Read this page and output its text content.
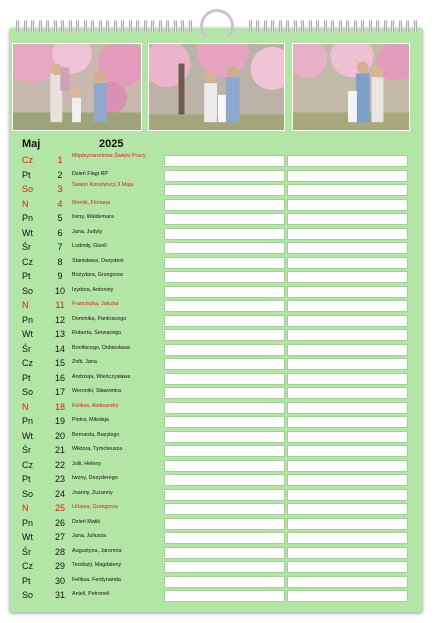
Maj	2025
Cz	1	Międzynarodowe Święto Pracy
Pt	2	Dzień Flagi RP
So	3	Święto Konstytucji 3 Maja
N	4	Moniki, Floriana
Pn	5	Ireny, Waldemara
Wt	6	Jana, Judyty
Śr	7	Ludmiły, Gizeli
Cz	8	Stanisława, Dezyderii
Pt	9	Bożydara, Grzegorza
So	10	Izydora, Antoniny
N	11	Franciszka, Jakuba
Pn	12	Dominika, Pankracego
Wt	13	Roberta, Serwacego
Śr	14	Bonifacego, Dobiesława
Cz	15	Zofii, Jana
Pt	16	Andrzeja, Wieńczysława
So	17	Weroniki, Sławomira
N	18	Feliksa, Aleksandry
Pn	19	Piotra, Mikołaja
Wt	20	Bernarda, Bazylego
Śr	21	Wiktora, Tymoteusza
Cz	22	Julii, Heleny
Pt	23	Iwony, Dezyderego
So	24	Joanny, Zuzanny
N	25	Urbana, Grzegorza
Pn	26	Dzień Matki
Wt	27	Jana, Juliusza
Śr	28	Augustyna, Jaromira
Cz	29	Teodozji, Magdaleny
Pt	30	Feliksa, Ferdynanda
So	31	Anieli, Petroneli
